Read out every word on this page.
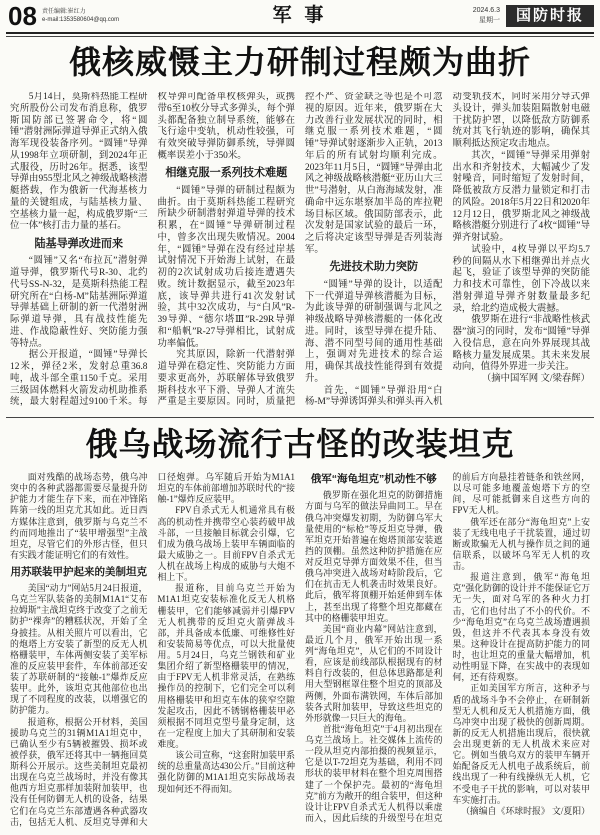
08 责任编辑:崔红力
e-mail:1353580604@qq.com	军 事	2024.6.3
星期一	国防时报
俄核威慑主力研制过程颇为曲折

5月14日，莫斯科热能工程研究所股份公司发布消息称，俄罗斯国防部已签署命令，将“圆锤”潜射洲际弹道导弹正式纳入俄海军现役装备序列。“圆锤”导弹从1998年立项研制，到2024年正式服役，历时26年。据悉，该型导弹由955型北风之神级战略核潜艇搭载，作为俄新一代海基核力量的关键组成，与陆基核力量、空基核力量一起，构成俄罗斯“三位一体”核打击力量的基石。

陆基导弹改进而来

“圆锤”又名“布拉瓦”潜射弹道导弹，俄罗斯代号R-30、北约代号SS-N-32，是莫斯科热能工程研究所在“白杨-M”陆基洲际弹道导弹基础上研制的新一代潜射洲际弹道导弹，具有战技性能先进、作战隐蔽性好、突防能力强等特点。

据公开报道，“圆锤”导弹长12米，弹径2米，发射总重36.8吨，战斗部全重1150千克。采用三级固体燃料火箭发动机助推系统，最大射程超过9100千米。每枚导弹可配备单枚核弹头，或携带6至10枚分导式多弹头，每个弹头都配备独立制导系统，能够在飞行途中变轨，机动性较强，可有效突破导弹防御系统，导弹圆概率误差小于350米。

相继克服一系列技术难题

“圆锤”导弹的研制过程颇为曲折。由于莫斯科热能工程研究所缺少研制潜射弹道导弹的技术积累，在“圆锤”导弹研制过程中，曾多次出现失败情况。2004年，“圆锤”导弹在没有经过岸基试射情况下开始海上试射，在最初的2次试射成功后接连遭遇失败。统计数据显示，截至2023年底，该导弹共进行41次发射试验，其中32次成功，与“白风”R-39导弹、“德尔塔Ⅲ”R-29R导弹和“船帆”R-27导弹相比，试射成功率偏低。

究其原因，除新一代潜射弹道导弹在稳定性、突防能力方面要求更高外，苏联解体导致俄罗斯科技水平下滑、导弹人才流失严重是主要原因。同时，质量把控不严、资金缺乏等也是不可忽视的原因。近年来，俄罗斯在大力改善行业发展状况的同时，相继克服一系列技术难题，“圆锤”导弹试射逐渐步入正轨，2013年后的所有试射均顺利完成。2023年11月5日，“圆锤”导弹由北风之神级战略核潜艇“亚历山大三世”号潜射，从白海海域发射，准确命中远东堪察加半岛的库拉靶场目标区域。俄国防部表示，此次发射是国家试验的最后一环，之后将决定该型导弹是否列装海军。

先进技术助力突防

“圆锤”导弹的设计，以适配下一代弹道导弹核潜艇为目标，为此该导弹的研制强调与北风之神级战略导弹核潜艇的一体化改进。同时，该型导弹在提升陆、海、潜不同型号间的通用性基础上，强调对先进技术的综合运用，确保其战技性能得到有效提升。

首先，“圆锤”导弹沿用“白杨-M”导弹诱饵弹头和弹头再入机动变轨技术，同时采用分导式弹头设计，弹头加装阻隔散射电磁干扰防护罩，以降低敌方防御系统对其飞行轨迹的影响，确保其顺利抵达预定攻击地点。

其次，“圆锤”导弹采用弹射出水和齐射技术，大幅减少了发射噪音，同时缩短了发射时间，降低被敌方反潜力量锁定和打击的风险。2018年5月22日和2020年12月12日，俄罗斯北风之神级战略核潜艇分别进行了4枚“圆锤”导弹齐射试验。

试验中，4枚导弹以平均5.7秒的间隔从水下相继弹出并点火起飞，验证了该型导弹的突防能力和技术可靠性，创下冷战以来潜射弹道导弹齐射数量最多纪录，给北约造成极大震撼。

俄罗斯在进行“非战略性核武器”演习的同时，发布“圆锤”导弹入役信息，意在向外界展现其战略核力量发展成果。其未来发展动向，值得外界进一步关注。

（摘中国军网 文/梁春辉）

俄乌战场流行古怪的改装坦克

面对残酷的战场态势，俄乌冲突中的各种武器都需要尽量提升防护能力才能生存下来，而在冲锋陷阵第一线的坦克尤其如此。近日西方媒体注意到，俄罗斯与乌克兰不约而同地推出了“装甲增强型”主战坦克，尽管它们的外形古怪，但只有实践才能证明它们的有效性。

用苏联装甲护起来的美制坦克

美国“动力”网站5月24日报道，乌克兰军队装备的美制M1A1“艾布拉姆斯”主战坦克终于改变了之前无防护“裸奔”的糟糕状况，开始了全身披挂。从相关照片可以看出，它的炮塔上方安装了新型的反无人机格栅装甲，车体两侧安装了美军标准的反应装甲套件，车体前部还安装了苏联研制的“接触-1”爆炸反应装甲。此外，该坦克其他部位也出现了不同程度的改装，以增强它的防护能力。

报道称，根据公开材料，美国援助乌克兰的31辆M1A1坦克中，已确认至少有5辆被摧毁、损坏或被俘获，俄军还将其中一辆拖回莫斯科公开展示。这些美制坦克最初出现在乌克兰战场时，并没有像其他西方坦克那样加装附加装甲，也没有任何防御无人机的设备，结果它们在乌克兰东部遭遇各种武器攻击，包括无人机、反坦克导弹和大口径炮弹。乌军随后开始为M1A1坦克的车体前部增加苏联时代的“接触-1”爆炸反应装甲。

FPV自杀式无人机通常具有极高的机动性并携带空心装药破甲战斗部，一旦接触目标就会引爆，它们成为俄乌战场上装甲车辆面临的最大威胁之一。目前FPV自杀式无人机在战场上构成的威胁与大炮不相上下。

报道称，目前乌克兰开始为M1A1坦克安装标准化反无人机格栅装甲，它们能够减弱并引爆FPV无人机携带的反坦克火箭弹战斗部，并具备成本低廉、可维修性好和安装简易等优点，可以大批量使用。5月24日，乌克兰钢铁和矿业集团介绍了新型格栅装甲的情况，由于FPV无人机非常灵活，在熟练操作员的控制下，它们完全可以利用格栅装甲和坦克车体的狭窄空隙发起攻击，因此不锈钢格栅装甲必须根据不同坦克型号量身定制，这在一定程度上加大了其研制和安装难度。

该公司宣称，“这套附加装甲系统的总重量高达430公斤。”目前这种强化防御的M1A1坦克实际战场表现如何还不得而知。

俄军“海龟坦克”机动性不够

俄罗斯在强化坦克的防御措施方面与乌军的做法异曲同工。早在俄乌冲突爆发初期，为防御乌军大量使用的“标枪”等反坦克导弹，俄军坦克开始普遍在炮塔顶部安装遮挡的顶棚。虽然这种防护措施在应对反坦克导弹方面效果不佳，但当俄乌冲突进入战场对峙阶段后，它们在抗击无人机袭击时效果良好。此后，俄军将顶棚开始延伸到车体上，甚至出现了将整个坦克都藏在其中的格栅装甲坦克。

美国“商业内幕”网站注意到，最近几个月，俄军开始出现一系列“海龟坦克”，从它们的不同设计看，应该是前线部队根据现有的材料自行改装的，但总体思路都是利用大型钢框罩住整个坦克的顶部及两侧，外面布满铁网，车体后部加装各式附加装甲，导致这些坦克的外形就像一只巨大的海龟。

首批“海龟坦克”于4月初出现在乌克兰战场上。社交媒体上流传的一段从坦克内部拍摄的视频显示，它是以T-72坦克为基础，利用不同形状的装甲材料在整个坦克周围搭建了一个保护壳。最初的“海龟坦克”前方为敞开的组合装甲，但这种设计让FPV自杀式无人机得以乘虚而入，因此后续的升级型号在坦克的前后方向悬挂着链条和铁丝网，以尽可能多地覆盖炮塔下方的空间，尽可能抵御来自这些方向的FPV无人机。

俄军还在部分“海龟坦克”上安装了无线电电子干扰装置，通过切断或欺骗无人机与操作员之间的通信联系，以破坏乌军无人机的攻击。

报道注意到，俄军“海龟坦克”强化防御的设计并不能保证它万无一失，面对乌军的各种火力打击，它们也付出了不小的代价。不少“海龟坦克”在乌克兰战场遭遇损毁，但这并不代表其本身没有效果。这种设计在提高防护能力的同时，也让坦克的重量大幅增加，机动性明显下降，在实战中的表现如何，还有待观察。

正如美国军方所言，这种矛与盾的战场斗争不会停止，在研制新型无人机和反无人机措施方面，俄乌冲突中出现了极快的创新周期。新的反无人机措施出现后，很快就会出现更新的无人机战术来应对它。例如当俄乌双方的装甲车辆开始配备反无人机电子战系统后，前线出现了一种有线操纵无人机，它不受电子干扰的影响，可以对装甲车实施打击。

（摘编自《环球时报》 文/夏阳）
